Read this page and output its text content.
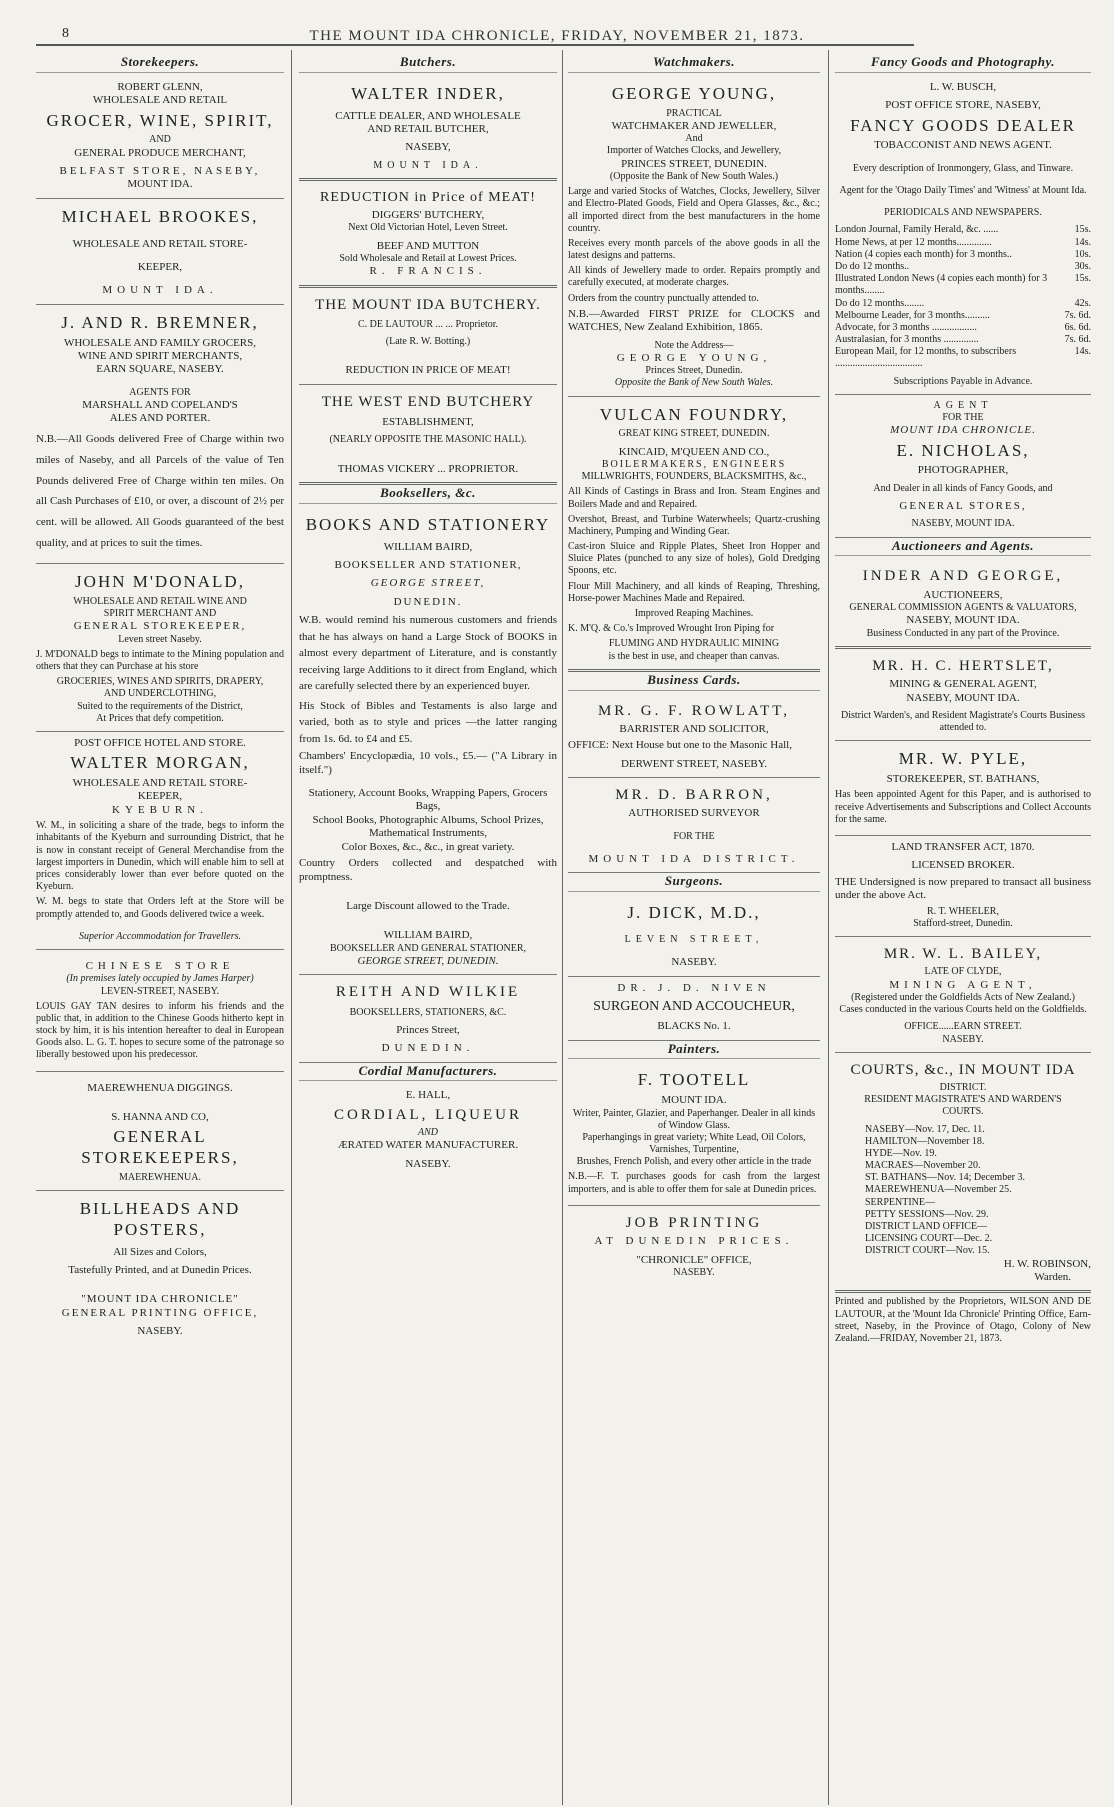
8	THE MOUNT IDA CHRONICLE, FRIDAY, NOVEMBER 21, 1873.
Storekeepers.
ROBERT GLENN,
WHOLESALE AND RETAIL
GROCER, WINE, SPIRIT,
AND
GENERAL PRODUCE MERCHANT,
BELFAST STORE, NASEBY,
MOUNT IDA.
MICHAEL BROOKES,
WHOLESALE AND RETAIL STORE-
KEEPER,
MOUNT IDA.
J. AND R. BREMNER,
WHOLESALE AND FAMILY GROCERS,
WINE AND SPIRIT MERCHANTS,
EARN SQUARE, NASEBY.
AGENTS FOR
MARSHALL AND COPELAND'S
ALES AND PORTER.
N.B.—All Goods delivered Free of Charge within two miles of Naseby, and all Parcels of the value of Ten Pounds delivered Free of Charge within ten miles. On all Cash Purchases of £10, or over, a discount of 2½ per cent. will be allowed. All Goods guaranteed of the best quality, and at prices to suit the times.
JOHN M'DONALD,
WHOLESALE AND RETAIL WINE AND
SPIRIT MERCHANT AND
GENERAL STOREKEEPER,
Leven street Naseby.
J. M'DONALD begs to intimate to the Mining population and others that they can Purchase at his store
GROCERIES, WINES AND SPIRITS, DRAPERY,
AND UNDERCLOTHING,
Suited to the requirements of the District,
At Prices that defy competition.
POST OFFICE HOTEL AND STORE.
WALTER MORGAN,
WHOLESALE AND RETAIL STORE-
KEEPER,
KYEBURN.
W. M., in soliciting a share of the trade, begs to inform the inhabitants of the Kyeburn and surrounding District, that he is now in constant receipt of General Merchandise from the largest importers in Dunedin, which will enable him to sell at prices considerably lower than ever before quoted on the Kyeburn.
W. M. begs to state that Orders left at the Store will be promptly attended to, and Goods delivered twice a week.
Superior Accommodation for Travellers.
CHINESE STORE
(In premises lately occupied by James Harper)
LEVEN-STREET, NASEBY.
LOUIS GAY TAN desires to inform his friends and the public that, in addition to the Chinese Goods hitherto kept in stock by him, it is his intention hereafter to deal in European Goods also. L. G. T. hopes to secure some of the patronage so liberally bestowed upon his predecessor.
MAEREWHENUA DIGGINGS.
S. HANNA AND CO,
GENERAL STOREKEEPERS,
MAEREWHENUA.
BILLHEADS AND POSTERS,
All Sizes and Colors,
Tastefully Printed, and at Dunedin Prices.
"MOUNT IDA CHRONICLE"
GENERAL PRINTING OFFICE,
NASEBY.
Butchers.
WALTER INDER,
CATTLE DEALER, AND WHOLESALE
AND RETAIL BUTCHER,
NASEBY,
MOUNT IDA.
REDUCTION in Price of MEAT!
DIGGERS' BUTCHERY,
Next Old Victorian Hotel, Leven Street.
BEEF AND MUTTON
Sold Wholesale and Retail at Lowest Prices.
R. FRANCIS.
THE MOUNT IDA BUTCHERY.
C. DE LAUTOUR ... ... Proprietor.
(Late R. W. Botting.)
REDUCTION IN PRICE OF MEAT!
THE WEST END BUTCHERY
ESTABLISHMENT,
(NEARLY OPPOSITE THE MASONIC HALL).
THOMAS VICKERY ... PROPRIETOR.
Booksellers, &c.
BOOKS AND STATIONERY
WILLIAM BAIRD,
BOOKSELLER AND STATIONER,
GEORGE STREET,
DUNEDIN.
W.B. would remind his numerous customers and friends that he has always on hand a Large Stock of BOOKS in almost every department of Literature, and is constantly receiving large Additions to it direct from England, which are carefully selected there by an experienced buyer.
His Stock of Bibles and Testaments is also large and varied, both as to style and prices —the latter ranging from 1s. 6d. to £4 and £5.
Chambers' Encyclopædia, 10 vols., £5.— ("A Library in itself.")
Stationery, Account Books, Wrapping Papers, Grocers Bags,
School Books, Photographic Albums, School Prizes, Mathematical Instruments,
Color Boxes, &c., &c., in great variety.
Country Orders collected and despatched with promptness.
Large Discount allowed to the Trade.
WILLIAM BAIRD,
BOOKSELLER AND GENERAL STATIONER,
GEORGE STREET, DUNEDIN.
REITH AND WILKIE
BOOKSELLERS, STATIONERS, &C.
Princes Street,
DUNEDIN.
Cordial Manufacturers.
E. HALL,
CORDIAL, LIQUEUR
AND
ÆRATED WATER MANUFACTURER.
NASEBY.
Watchmakers.
GEORGE YOUNG,
PRACTICAL
WATCHMAKER AND JEWELLER,
And
Importer of Watches Clocks, and Jewellery,
PRINCES STREET, DUNEDIN.
(Opposite the Bank of New South Wales.)
Large and varied Stocks of Watches, Clocks, Jewellery, Silver and Electro-Plated Goods, Field and Opera Glasses, &c., &c.; all imported direct from the best manufacturers in the home country.
Receives every month parcels of the above goods in all the latest designs and patterns.
All kinds of Jewellery made to order. Repairs promptly and carefully executed, at moderate charges.
Orders from the country punctually attended to.
N.B.—Awarded FIRST PRIZE for CLOCKS and WATCHES, New Zealand Exhibition, 1865.
Note the Address—
GEORGE YOUNG,
Princes Street, Dunedin.
Opposite the Bank of New South Wales.
VULCAN FOUNDRY,
GREAT KING STREET, DUNEDIN.
KINCAID, M'QUEEN AND CO.,
BOILERMAKERS, ENGINEERS
MILLWRIGHTS, FOUNDERS, BLACKSMITHS, &c.,
All Kinds of Castings in Brass and Iron. Steam Engines and Boilers Made and and Repaired.
Overshot, Breast, and Turbine Waterwheels; Quartz-crushing Machinery, Pumping and Winding Gear.
Cast-iron Sluice and Ripple Plates, Sheet Iron Hopper and Sluice Plates (punched to any size of holes), Gold Dredging Spoons, etc.
Flour Mill Machinery, and all kinds of Reaping, Threshing, Horse-power Machines Made and Repaired.
Improved Reaping Machines.
K. M'Q. & Co.'s Improved Wrought Iron Piping for
FLUMING AND HYDRAULIC MINING
is the best in use, and cheaper than canvas.
Business Cards.
MR. G. F. ROWLATT,
BARRISTER AND SOLICITOR,
OFFICE: Next House but one to the Masonic Hall,
DERWENT STREET, NASEBY.
MR. D. BARRON,
AUTHORISED SURVEYOR
FOR THE
MOUNT IDA DISTRICT.
Surgeons.
J. DICK, M.D.,
LEVEN STREET,
NASEBY.
DR. J. D. NIVEN
SURGEON AND ACCOUCHEUR,
BLACKS No. 1.
Painters.
F. TOOTELL
MOUNT IDA.
Writer, Painter, Glazier, and Paperhanger. Dealer in all kinds of Window Glass.
Paperhangings in great variety; White Lead, Oil Colors, Varnishes, Turpentine,
Brushes, French Polish, and every other article in the trade
N.B.—F. T. purchases goods for cash from the largest importers, and is able to offer them for sale at Dunedin prices.
JOB PRINTING
AT DUNEDIN PRICES.
"CHRONICLE" OFFICE,
NASEBY.
Fancy Goods and Photography.
L. W. BUSCH,
POST OFFICE STORE, NASEBY,
FANCY GOODS DEALER
TOBACCONIST AND NEWS AGENT.
Every description of Ironmongery, Glass, and Tinware.
Agent for the 'Otago Daily Times' and 'Witness' at Mount Ida.
PERIODICALS AND NEWSPAPERS.
London Journal, Family Herald, &c. ......	15s.
Home News, at per 12 months..............	14s.
Nation (4 copies each month) for 3 months..	10s.
Do do 12 months..	30s.
Illustrated London News (4 copies each month) for 3 months........
15s.
Do do 12 months........	42s.
Melbourne Leader, for 3 months..........	7s. 6d.
Advocate, for 3 months ..................	6s. 6d.
Australasian, for 3 months ..............	7s. 6d.
European Mail, for 12 months, to subscribers ...................................
14s.
Subscriptions Payable in Advance.
AGENT
FOR THE
MOUNT IDA CHRONICLE.
E. NICHOLAS,
PHOTOGRAPHER,
And Dealer in all kinds of Fancy Goods, and
GENERAL STORES,
NASEBY, MOUNT IDA.
Auctioneers and Agents.
INDER AND GEORGE,
AUCTIONEERS,
GENERAL COMMISSION AGENTS & VALUATORS,
NASEBY, MOUNT IDA.
Business Conducted in any part of the Province.
MR. H. C. HERTSLET,
MINING & GENERAL AGENT,
NASEBY, MOUNT IDA.
District Warden's, and Resident Magistrate's Courts Business attended to.
MR. W. PYLE,
STOREKEEPER, ST. BATHANS,
Has been appointed Agent for this Paper, and is authorised to receive Advertisements and Subscriptions and Collect Accounts for the same.
LAND TRANSFER ACT, 1870.
LICENSED BROKER.
THE Undersigned is now prepared to transact all business under the above Act.
R. T. WHEELER,
Stafford-street, Dunedin.
MR. W. L. BAILEY,
LATE OF CLYDE,
MINING AGENT,
(Registered under the Goldfields Acts of New Zealand.)
Cases conducted in the various Courts held on the Goldfields.
OFFICE......EARN STREET.
NASEBY.
COURTS, &c., IN MOUNT IDA
DISTRICT.
RESIDENT MAGISTRATE'S AND WARDEN'S
COURTS.
NASEBY—Nov. 17, Dec. 11.
HAMILTON—November 18.
HYDE—Nov. 19.
MACRAES—November 20.
ST. BATHANS—Nov. 14; December 3.
MAEREWHENUA—November 25.
SERPENTINE—
PETTY SESSIONS—Nov. 29.
DISTRICT LAND OFFICE—
LICENSING COURT—Dec. 2.
DISTRICT COURT—Nov. 15.
H. W. ROBINSON,
Warden.
Printed and published by the Proprietors, WILSON AND DE LAUTOUR, at the 'Mount Ida Chronicle' Printing Office, Earn-street, Naseby, in the Province of Otago, Colony of New Zealand.—FRIDAY, November 21, 1873.
